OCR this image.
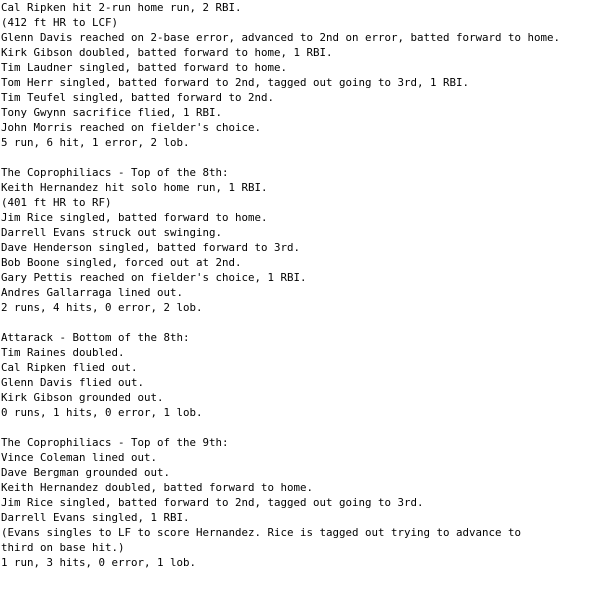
Cal Ripken hit 2-run home run, 2 RBI.
(412 ft HR to LCF)
Glenn Davis reached on 2-base error, advanced to 2nd on error, batted forward to home.
Kirk Gibson doubled, batted forward to home, 1 RBI.
Tim Laudner singled, batted forward to home.
Tom Herr singled, batted forward to 2nd, tagged out going to 3rd, 1 RBI.
Tim Teufel singled, batted forward to 2nd.
Tony Gwynn sacrifice flied, 1 RBI.
John Morris reached on fielder's choice.
5 run, 6 hit, 1 error, 2 lob.
The Coprophiliacs - Top of the 8th:
Keith Hernandez hit solo home run, 1 RBI.
(401 ft HR to RF)
Jim Rice singled, batted forward to home.
Darrell Evans struck out swinging.
Dave Henderson singled, batted forward to 3rd.
Bob Boone singled, forced out at 2nd.
Gary Pettis reached on fielder's choice, 1 RBI.
Andres Gallarraga lined out.
2 runs, 4 hits, 0 error, 2 lob.
Attarack - Bottom of the 8th:
Tim Raines doubled.
Cal Ripken flied out.
Glenn Davis flied out.
Kirk Gibson grounded out.
0 runs, 1 hits, 0 error, 1 lob.
The Coprophiliacs - Top of the 9th:
Vince Coleman lined out.
Dave Bergman grounded out.
Keith Hernandez doubled, batted forward to home.
Jim Rice singled, batted forward to 2nd, tagged out going to 3rd.
Darrell Evans singled, 1 RBI.
(Evans singles to LF to score Hernandez. Rice is tagged out trying to advance to
third on base hit.)
1 run, 3 hits, 0 error, 1 lob.
